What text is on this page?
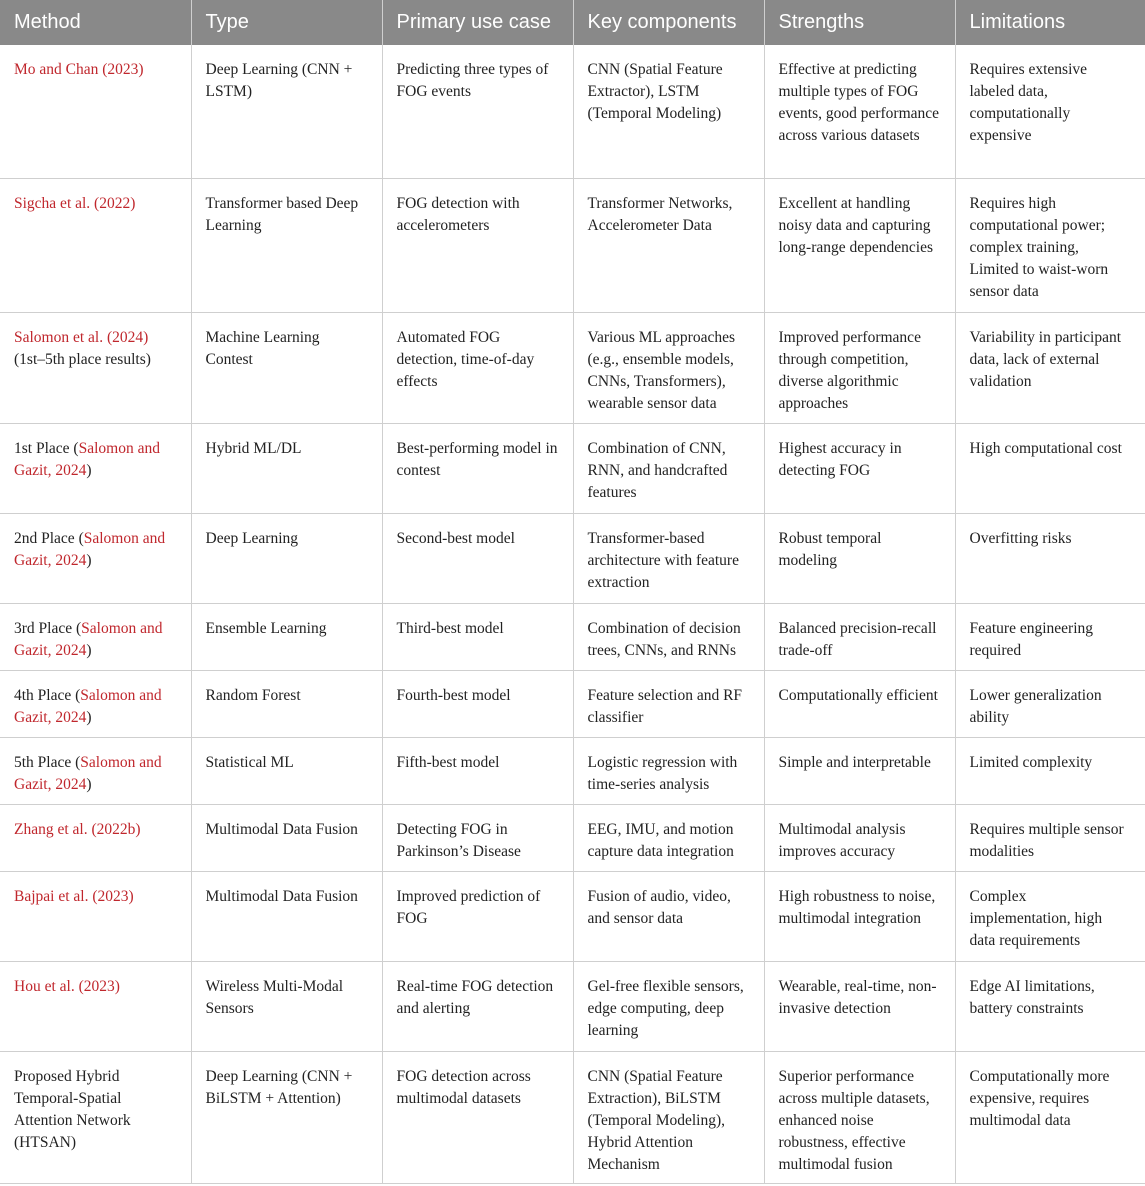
Method	Type	Primary use case	Key components	Strengths	Limitations
Mo and Chan (2023)	Deep Learning (CNN + LSTM)	Predicting three types of FOG events	CNN (Spatial Feature Extractor), LSTM (Temporal Modeling)	Effective at predicting multiple types of FOG events, good performance across various datasets	Requires extensive labeled data, computationally expensive
Sigcha et al. (2022)	Transformer based Deep Learning	FOG detection with accelerometers	Transformer Networks, Accelerometer Data	Excellent at handling noisy data and capturing long-range dependencies	Requires high computational power; complex training, Limited to waist-worn sensor data
Salomon et al. (2024) (1st–5th place results)	Machine Learning Contest	Automated FOG detection, time-of-day effects	Various ML approaches (e.g., ensemble models, CNNs, Transformers), wearable sensor data	Improved performance through competition, diverse algorithmic approaches	Variability in participant data, lack of external validation
1st Place (Salomon and Gazit, 2024)	Hybrid ML/DL	Best-performing model in contest	Combination of CNN, RNN, and handcrafted features	Highest accuracy in detecting FOG	High computational cost
2nd Place (Salomon and Gazit, 2024)	Deep Learning	Second-best model	Transformer-based architecture with feature extraction	Robust temporal modeling	Overfitting risks
3rd Place (Salomon and Gazit, 2024)	Ensemble Learning	Third-best model	Combination of decision trees, CNNs, and RNNs	Balanced precision-recall trade-off	Feature engineering required
4th Place (Salomon and Gazit, 2024)	Random Forest	Fourth-best model	Feature selection and RF classifier	Computationally efficient	Lower generalization ability
5th Place (Salomon and Gazit, 2024)	Statistical ML	Fifth-best model	Logistic regression with time-series analysis	Simple and interpretable	Limited complexity
Zhang et al. (2022b)	Multimodal Data Fusion	Detecting FOG in Parkinson’s Disease	EEG, IMU, and motion capture data integration	Multimodal analysis improves accuracy	Requires multiple sensor modalities
Bajpai et al. (2023)	Multimodal Data Fusion	Improved prediction of FOG	Fusion of audio, video, and sensor data	High robustness to noise, multimodal integration	Complex implementation, high data requirements
Hou et al. (2023)	Wireless Multi-Modal Sensors	Real-time FOG detection and alerting	Gel-free flexible sensors, edge computing, deep learning	Wearable, real-time, non-invasive detection	Edge AI limitations, battery constraints
Proposed Hybrid Temporal-Spatial Attention Network (HTSAN)	Deep Learning (CNN + BiLSTM + Attention)	FOG detection across multimodal datasets	CNN (Spatial Feature Extraction), BiLSTM (Temporal Modeling), Hybrid Attention Mechanism	Superior performance across multiple datasets, enhanced noise robustness, effective multimodal fusion	Computationally more expensive, requires multimodal data
